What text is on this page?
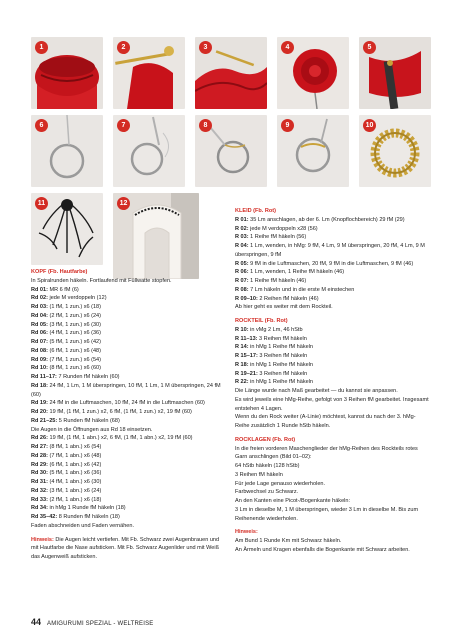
1	2	3	4	5
6	7	8	9	10
11	12
KOPF (Fb. Hautfarbe)
In Spiralrunden häkeln. Fortlaufend mit Füllwatte stopfen.
Rd 01: MR 6 fM (6)
Rd 02: jede M verdoppeln (12)
Rd 03: (1 fM, 1 zun.) x6 (18)
Rd 04: (2 fM, 1 zun.) x6 (24)
Rd 05: (3 fM, 1 zun.) x6 (30)
Rd 06: (4 fM, 1 zun.) x6 (36)
Rd 07: (5 fM, 1 zun.) x6 (42)
Rd 08: (6 fM, 1 zun.) x6 (48)
Rd 09: (7 fM, 1 zun.) x6 (54)
Rd 10: (8 fM, 1 zun.) x6 (60)
Rd 11–17: 7 Runden fM häkeln (60)
Rd 18: 24 fM, 1 Lm, 1 M überspringen, 10 fM, 1 Lm, 1 M überspringen, 24 fM (60)
Rd 19: 24 fM in die Luftmaschen, 10 fM, 24 fM in die Luftmaschen (60)
Rd 20: 19 fM, (1 fM, 1 zun.) x2, 6 fM, (1 fM, 1 zun.) x2, 19 fM (60)
Rd 21–25: 5 Runden fM häkeln (68)
Die Augen in die Öffnungen aus Rd 18 einsetzen.
Rd 26: 19 fM, (1 fM, 1 abn.) x2, 6 fM, (1 fM, 1 abn.) x2, 19 fM (60)
Rd 27: (8 fM, 1 abn.) x6 (54)
Rd 28: (7 fM, 1 abn.) x6 (48)
Rd 29: (6 fM, 1 abn.) x6 (42)
Rd 30: (5 fM, 1 abn.) x6 (36)
Rd 31: (4 fM, 1 abn.) x6 (30)
Rd 32: (3 fM, 1 abn.) x6 (24)
Rd 33: (2 fM, 1 abn.) x6 (18)
Rd 34: in hMg 1 Runde fM häkeln (18)
Rd 35–42: 8 Runden fM häkeln (18)
Faden abschneiden und Faden vernähen.
Hinweis: Die Augen leicht vertiefen. Mit Fb. Schwarz zwei Augenbrauen und mit Hautfarbe die Nase aufsticken. Mit Fb. Schwarz Augenlider und mit Weiß das Augenweiß aufsticken.
KLEID (Fb. Rot)
R 01: 35 Lm anschlagen, ab der 6. Lm (Knopflochbereich) 29 fM (29)
R 02: jede M verdoppeln x28 (56)
R 03: 1 Reihe fM häkeln (56)
R 04: 1 Lm, wenden, in hMg: 9 fM, 4 Lm, 9 M überspringen, 20 fM, 4 Lm, 9 M überspringen, 9 fM
R 05: 9 fM in die Luftmaschen, 20 fM, 9 fM in die Luftmaschen, 9 fM (46)
R 06: 1 Lm, wenden, 1 Reihe fM häkeln (46)
R 07: 1 Reihe fM häkeln (46)
R 08: 7 Lm häkeln und in die erste M einstechen
R 09–10: 2 Reihen fM häkeln (46)
Ab hier geht es weiter mit dem Rockteil.
ROCKTEIL (Fb. Rot)
R 10: in vMg 2 Lm, 46 hStb
R 11–13: 3 Reihen fM häkeln
R 14: in hMg 1 Reihe fM häkeln
R 15–17: 3 Reihen fM häkeln
R 18: in hMg 1 Reihe fM häkeln
R 19–21: 3 Reihen fM häkeln
R 22: in hMg 1 Reihe fM häkeln
Die Länge wurde nach Maß gearbeitet — du kannst sie anpassen.
Es wird jeweils eine hMg-Reihe, gefolgt von 3 Reihen fM gearbeitet. Insgesamt entstehen 4 Lagen.
Wenn du den Rock weiter (A-Linie) möchtest, kannst du nach der 3. hMg-Reihe zusätzlich 1 Runde hStb häkeln.
ROCKLAGEN (Fb. Rot)
In die freien vorderen Maschenglieder der hMg-Reihen des Rockteils rotes Garn anschlingen (Bild 01–02):
64 hStb häkeln (128 hStb)
3 Reihen fM häkeln
Für jede Lage genauso wiederholen.
Farbwechsel zu Schwarz.
An den Kanten eine Picot-/Bogenkante häkeln:
3 Lm in dieselbe M, 1 M überspringen, wieder 3 Lm in dieselbe M. Bis zum Reihenende wiederholen.
Hinweis:
Am Bund 1 Runde Km mit Schwarz häkeln.
An Ärmeln und Kragen ebenfalls die Bogenkante mit Schwarz arbeiten.
44 AMIGURUMI SPEZIAL - WELTREISE
